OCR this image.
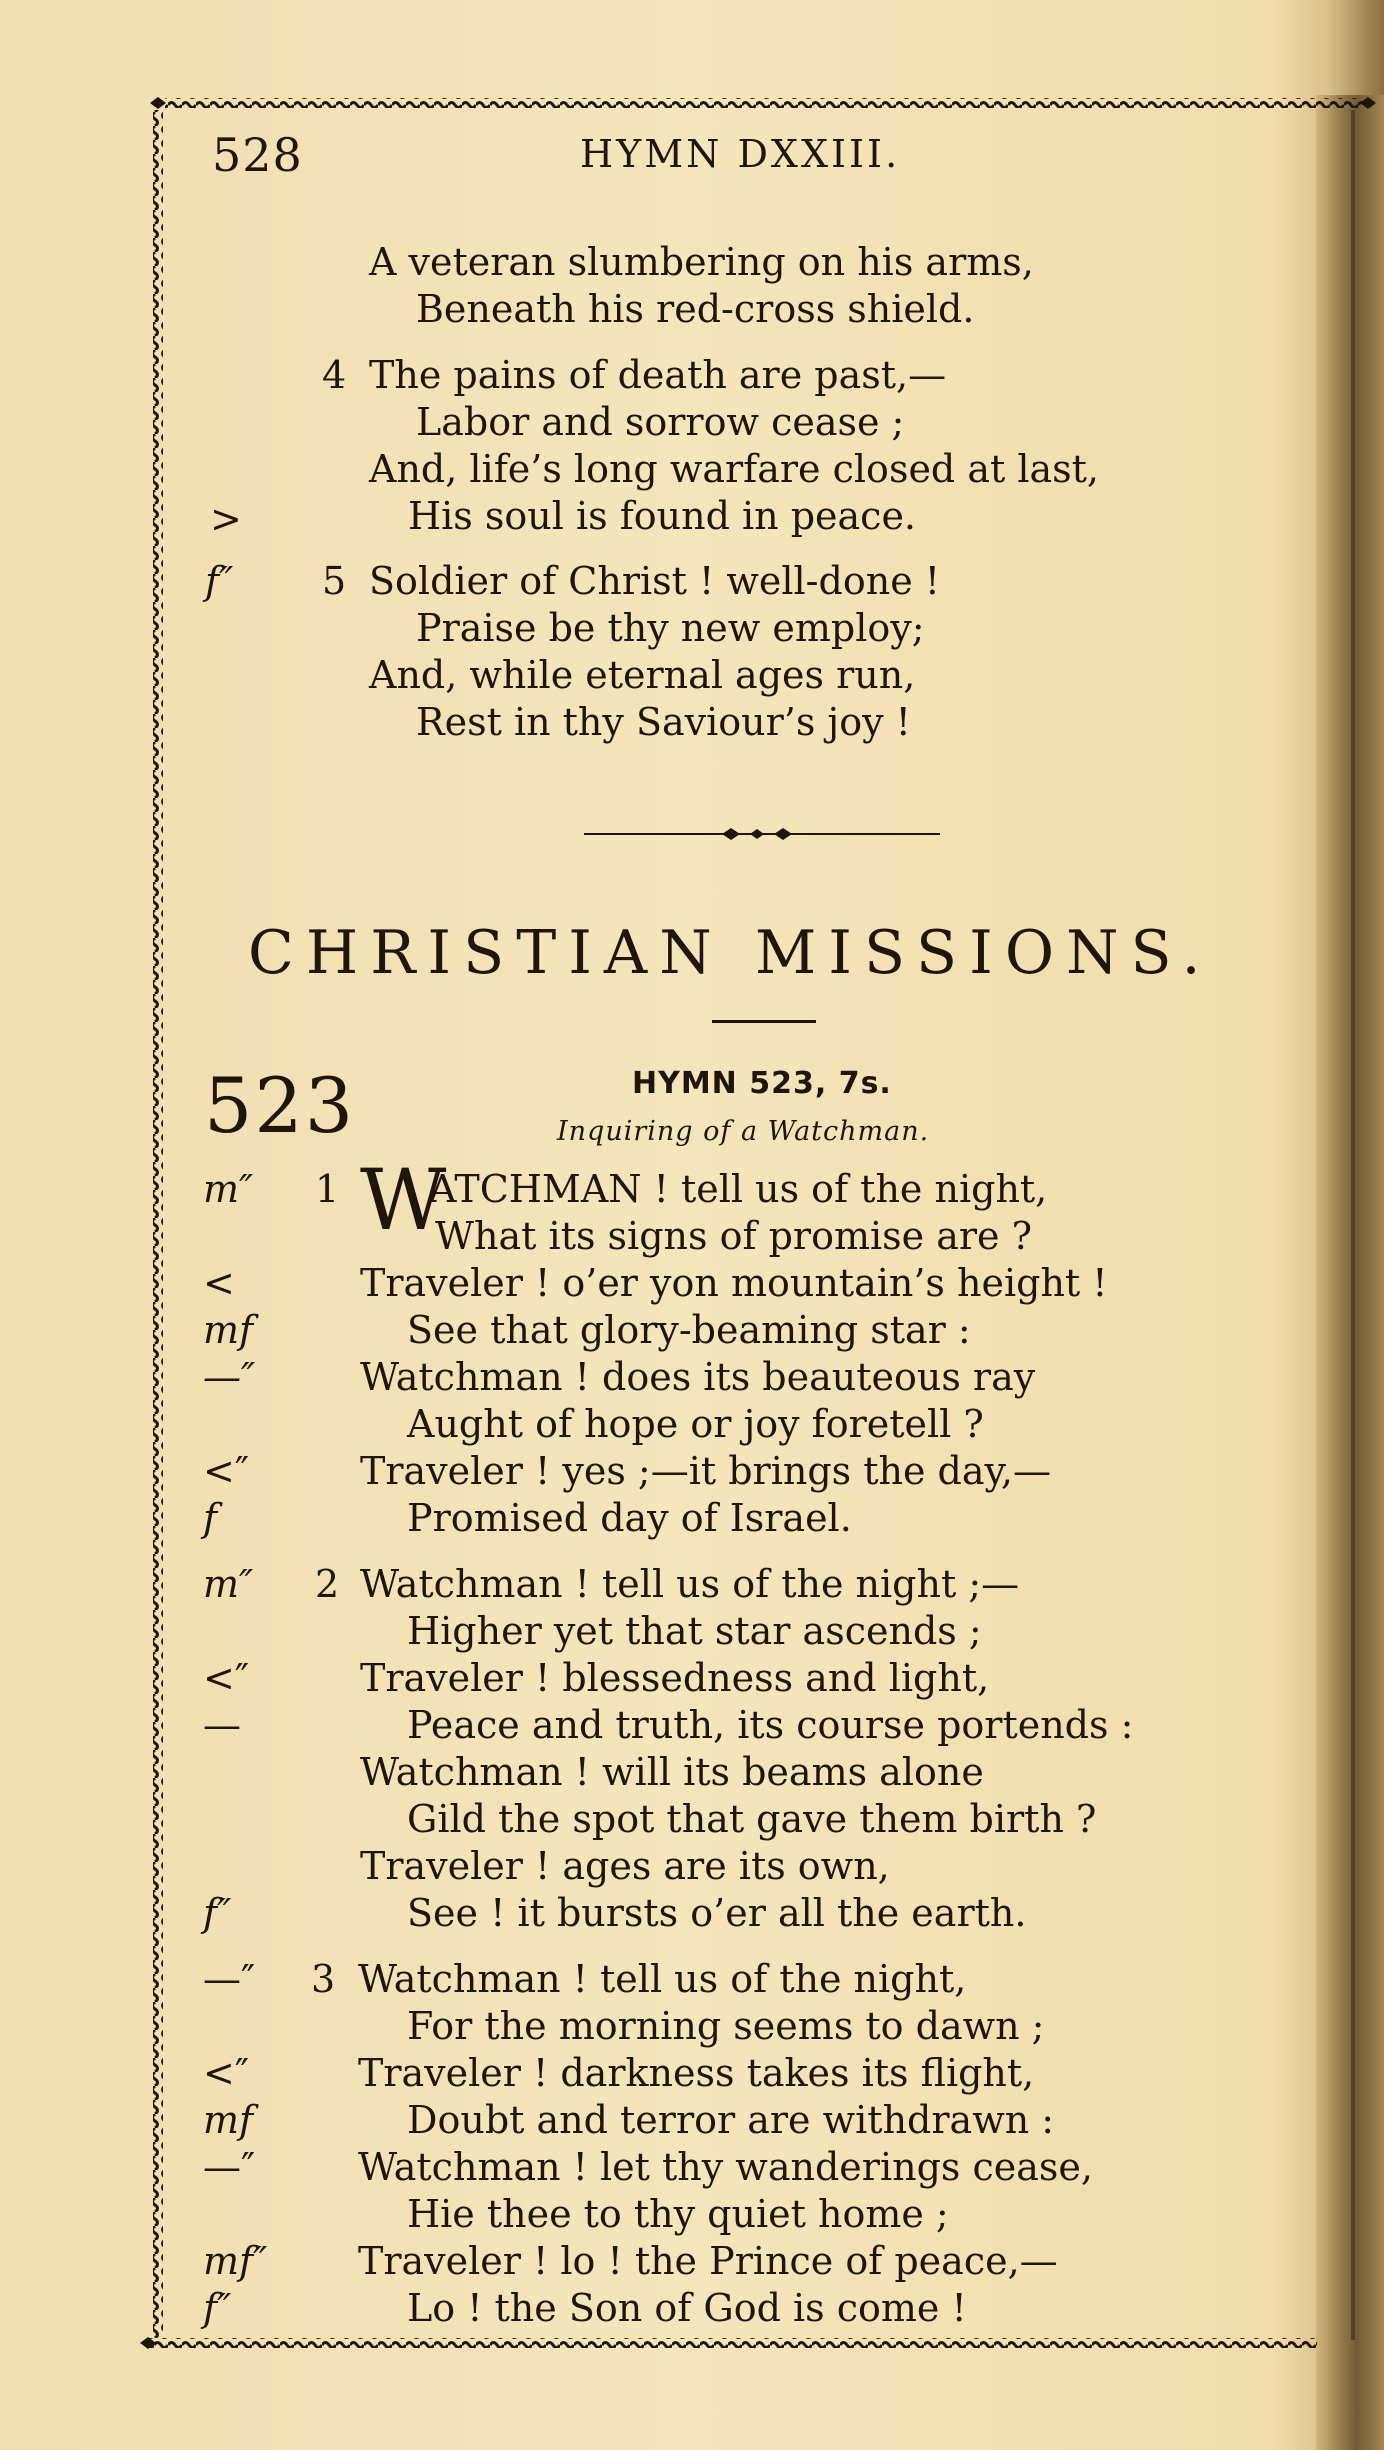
528	HYMN DXXIII.
A veteran slumbering on his arms,
Beneath his red-cross shield.
4 The pains of death are past,—
Labor and sorrow cease ;
And, life’s long warfare closed at last,
>	His soul is found in peace.
f″ 5 Soldier of Christ ! well-done !
Praise be thy new employ;
And, while eternal ages run,
Rest in thy Saviour’s joy !
CHRISTIAN MISSIONS.
523	HYMN 523, 7s.
Inquiring of a Watchman.
m″ 1 W
ATCHMAN ! tell us of the night,
What its signs of promise are ?
<	Traveler ! o’er yon mountain’s height !
mf	See that glory-beaming star :
—″	Watchman ! does its beauteous ray
Aught of hope or joy foretell ?
<″	Traveler ! yes ;—it brings the day,—
f	Promised day of Israel.
m″ 2 Watchman ! tell us of the night ;—
Higher yet that star ascends ;
<″	Traveler ! blessedness and light,
—	Peace and truth, its course portends :
Watchman ! will its beams alone
Gild the spot that gave them birth ?
Traveler ! ages are its own,
f″	See ! it bursts o’er all the earth.
—″ 3 Watchman ! tell us of the night,
For the morning seems to dawn ;
<″	Traveler ! darkness takes its flight,
mf	Doubt and terror are withdrawn :
—″	Watchman ! let thy wanderings cease,
Hie thee to thy quiet home ;
mf″ Traveler ! lo ! the Prince of peace,—
f″	Lo ! the Son of God is come !
